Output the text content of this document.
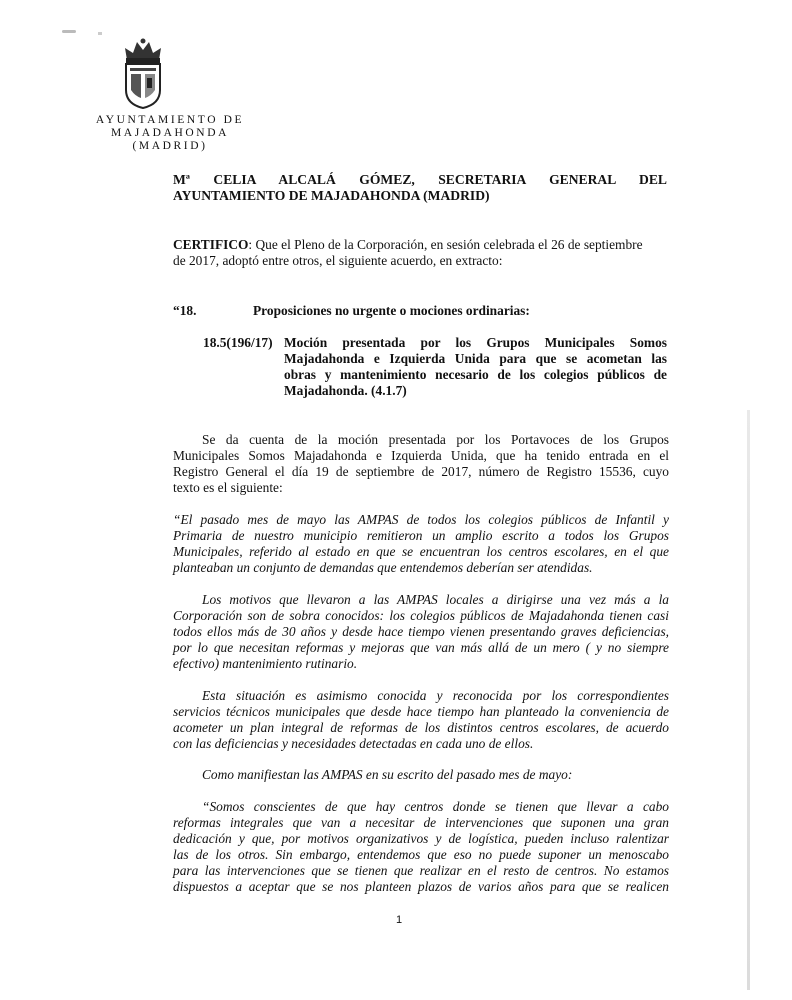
AYUNTAMIENTO DE
MAJADAHONDA
(MADRID)
Mª CELIA ALCALÁ GÓMEZ, SECRETARIA GENERAL DEL
AYUNTAMIENTO DE MAJADAHONDA (MADRID)
CERTIFICO: Que el Pleno de la Corporación, en sesión celebrada el 26 de septiembre
de 2017, adoptó entre otros, el siguiente acuerdo, en extracto:
“18.	Proposiciones no urgente o mociones ordinarias:
18.5(196/17) Moción presentada por los Grupos Municipales Somos
Majadahonda e Izquierda Unida para que se acometan las
obras y mantenimiento necesario de los colegios públicos de
Majadahonda. (4.1.7)
Se da cuenta de la moción presentada por los Portavoces de los Grupos
Municipales Somos Majadahonda e Izquierda Unida, que ha tenido entrada en el
Registro General el día 19 de septiembre de 2017, número de Registro 15536, cuyo
texto es el siguiente:
“El pasado mes de mayo las AMPAS de todos los colegios públicos de Infantil y
Primaria de nuestro municipio remitieron un amplio escrito a todos los Grupos
Municipales, referido al estado en que se encuentran los centros escolares, en el que
planteaban un conjunto de demandas que entendemos deberían ser atendidas.
Los motivos que llevaron a las AMPAS locales a dirigirse una vez más a la
Corporación son de sobra conocidos: los colegios públicos de Majadahonda tienen casi
todos ellos más de 30 años y desde hace tiempo vienen presentando graves deficiencias,
por lo que necesitan reformas y mejoras que van más allá de un mero ( y no siempre
efectivo) mantenimiento rutinario.
Esta situación es asimismo conocida y reconocida por los correspondientes
servicios técnicos municipales que desde hace tiempo han planteado la conveniencia de
acometer un plan integral de reformas de los distintos centros escolares, de acuerdo
con las deficiencias y necesidades detectadas en cada uno de ellos.
Como manifiestan las AMPAS en su escrito del pasado mes de mayo:
“Somos conscientes de que hay centros donde se tienen que llevar a cabo
reformas integrales que van a necesitar de intervenciones que suponen una gran
dedicación y que, por motivos organizativos y de logística, pueden incluso ralentizar
las de los otros. Sin embargo, entendemos que eso no puede suponer un menoscabo
para las intervenciones que se tienen que realizar en el resto de centros. No estamos
dispuestos a aceptar que se nos planteen plazos de varios años para que se realicen
1
